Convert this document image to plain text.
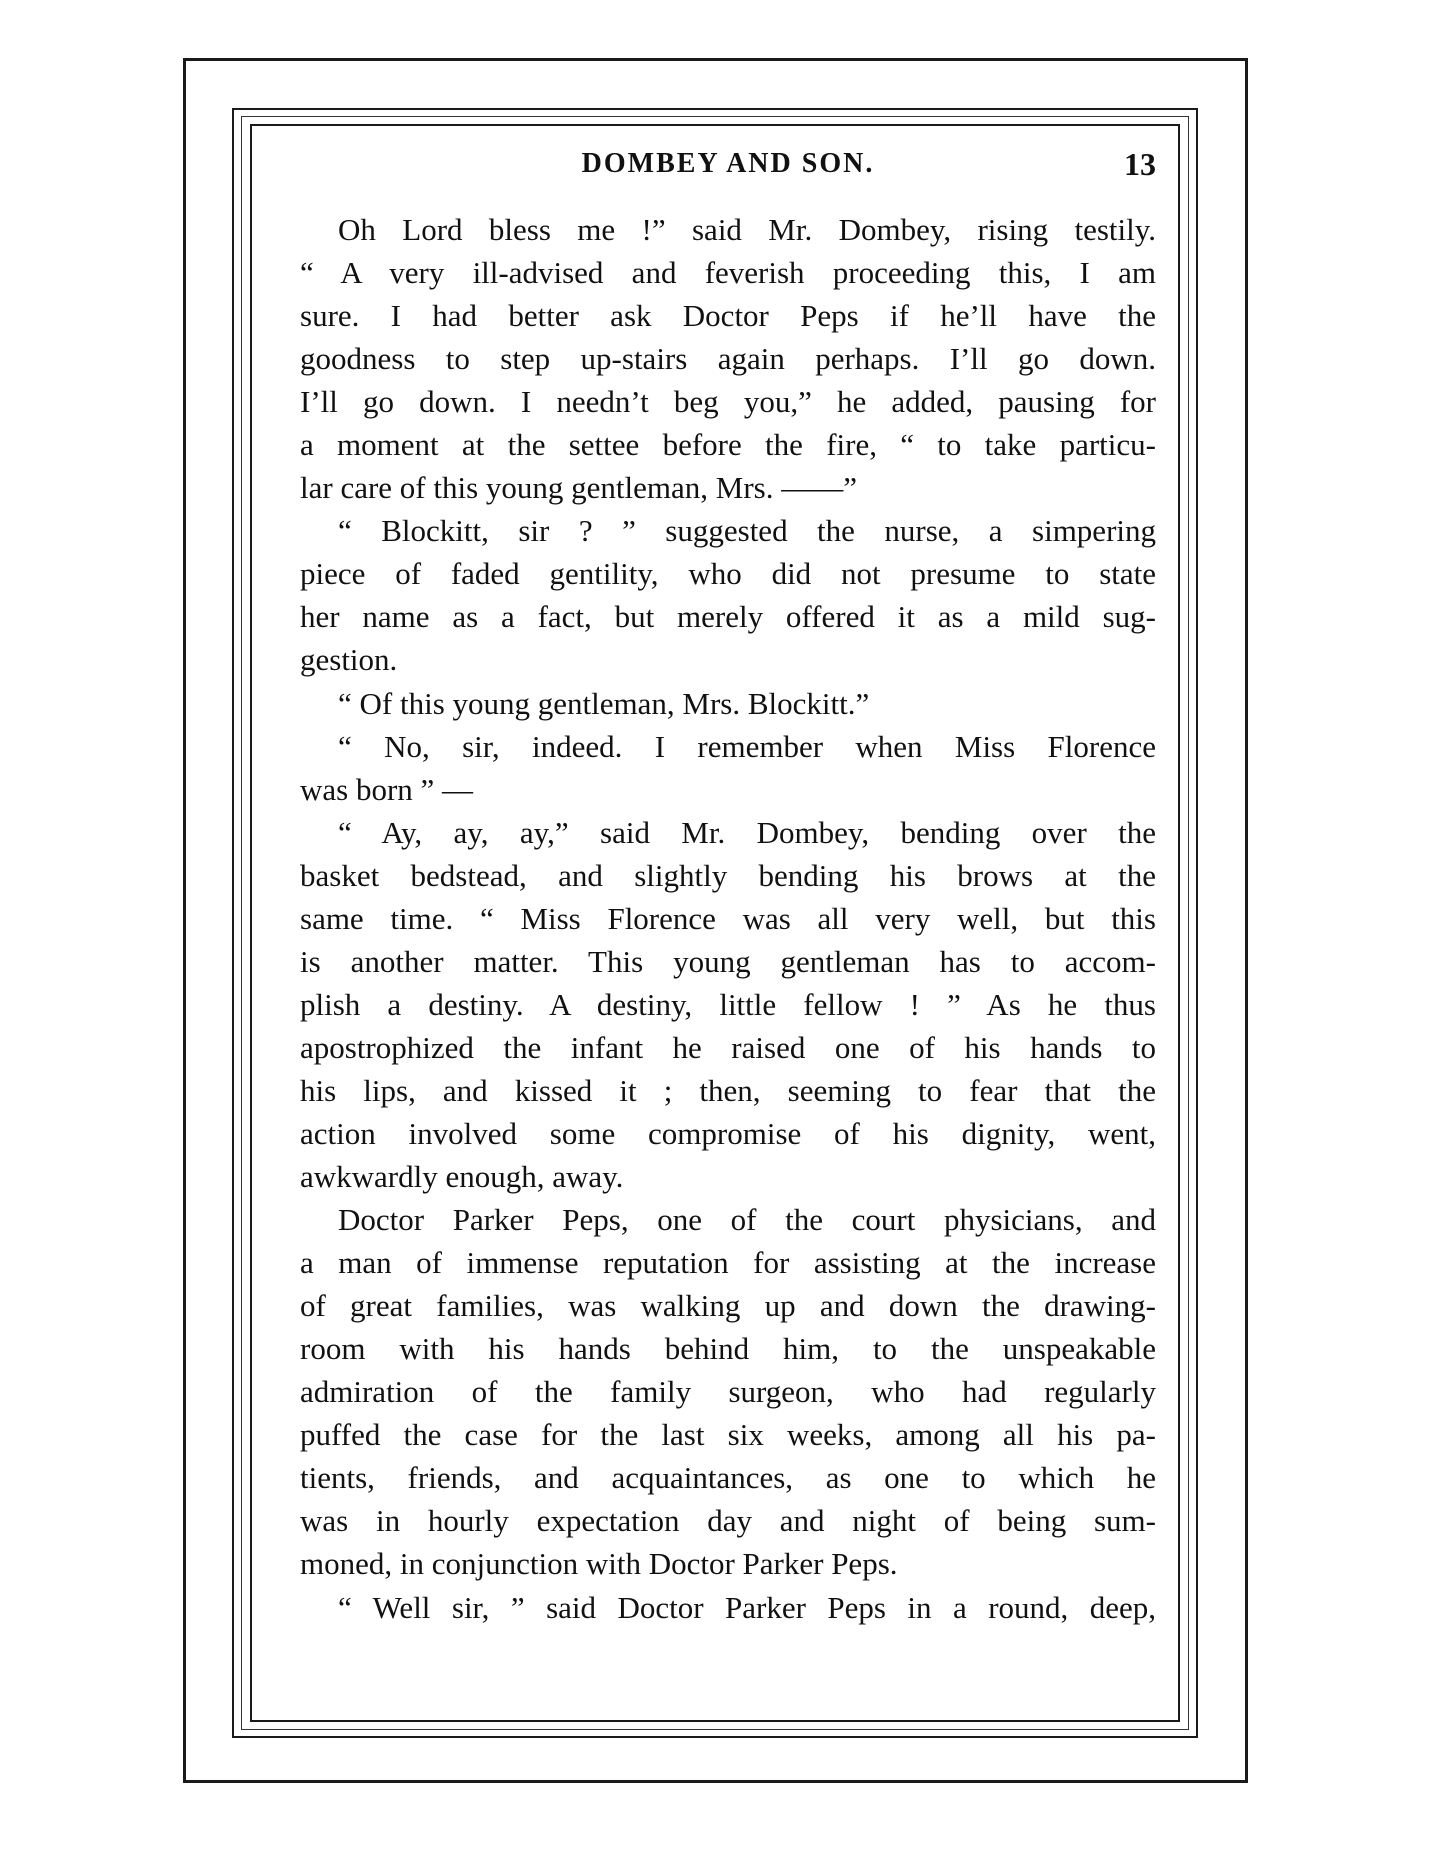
DOMBEY AND SON.	13
Oh Lord bless me !” said Mr. Dombey, rising testily.
“ A very ill-advised and feverish proceeding this, I am
sure. I had better ask Doctor Peps if he’ll have the
goodness to step up-stairs again perhaps. I’ll go down.
I’ll go down. I needn’t beg you,” he added, pausing for
a moment at the settee before the fire, “ to take particu-
lar care of this young gentleman, Mrs. ——”
“ Blockitt, sir ? ” suggested the nurse, a simpering
piece of faded gentility, who did not presume to state
her name as a fact, but merely offered it as a mild sug-
gestion.
“ Of this young gentleman, Mrs. Blockitt.”
“ No, sir, indeed. I remember when Miss Florence
was born ” —
“ Ay, ay, ay,” said Mr. Dombey, bending over the
basket bedstead, and slightly bending his brows at the
same time. “ Miss Florence was all very well, but this
is another matter. This young gentleman has to accom-
plish a destiny. A destiny, little fellow ! ” As he thus
apostrophized the infant he raised one of his hands to
his lips, and kissed it ; then, seeming to fear that the
action involved some compromise of his dignity, went,
awkwardly enough, away.
Doctor Parker Peps, one of the court physicians, and
a man of immense reputation for assisting at the increase
of great families, was walking up and down the drawing-
room with his hands behind him, to the unspeakable
admiration of the family surgeon, who had regularly
puffed the case for the last six weeks, among all his pa-
tients, friends, and acquaintances, as one to which he
was in hourly expectation day and night of being sum-
moned, in conjunction with Doctor Parker Peps.
“ Well sir, ” said Doctor Parker Peps in a round, deep,
